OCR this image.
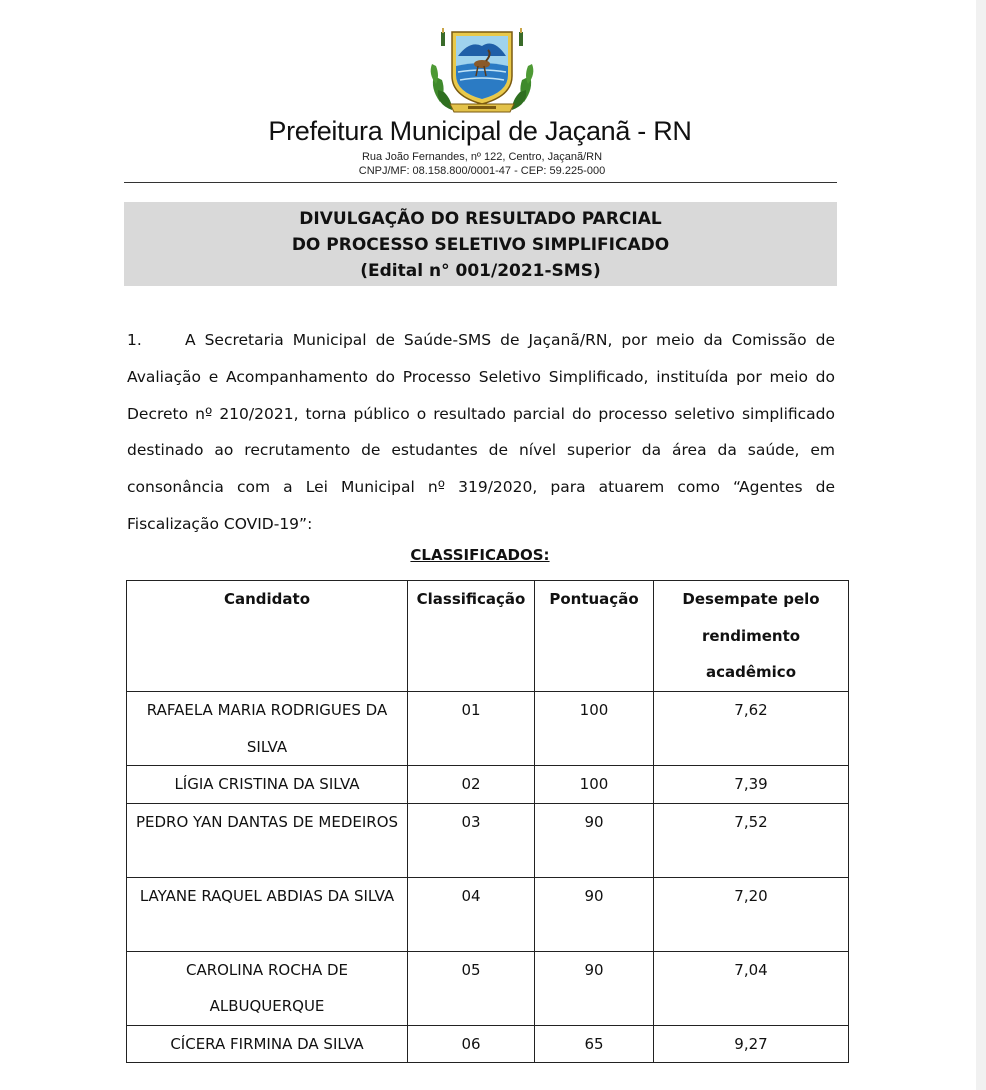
Prefeitura Municipal de Jaçanã - RN
Rua João Fernandes, nº 122, Centro, Jaçanã/RN
CNPJ/MF: 08.158.800/0001-47 - CEP: 59.225-000
DIVULGAÇÃO DO RESULTADO PARCIAL
DO PROCESSO SELETIVO SIMPLIFICADO
(Edital n° 001/2021-SMS)
1.	A Secretaria Municipal de Saúde-SMS de Jaçanã/RN, por meio da Comissão de Avaliação e Acompanhamento do Processo Seletivo Simplificado, instituída por meio do Decreto nº 210/2021, torna público o resultado parcial do processo seletivo simplificado destinado ao recrutamento de estudantes de nível superior da área da saúde, em consonância com a Lei Municipal nº 319/2020, para atuarem como “Agentes de Fiscalização COVID-19”:
CLASSIFICADOS:
Candidato	Classificação	Pontuação	Desempate pelo rendimento acadêmico
RAFAELA MARIA RODRIGUES DA SILVA	01	100	7,62
LÍGIA CRISTINA DA SILVA	02	100	7,39
PEDRO YAN DANTAS DE MEDEIROS	03	90	7,52
LAYANE RAQUEL ABDIAS DA SILVA	04	90	7,20
CAROLINA ROCHA DE ALBUQUERQUE	05	90	7,04
CÍCERA FIRMINA DA SILVA	06	65	9,27
